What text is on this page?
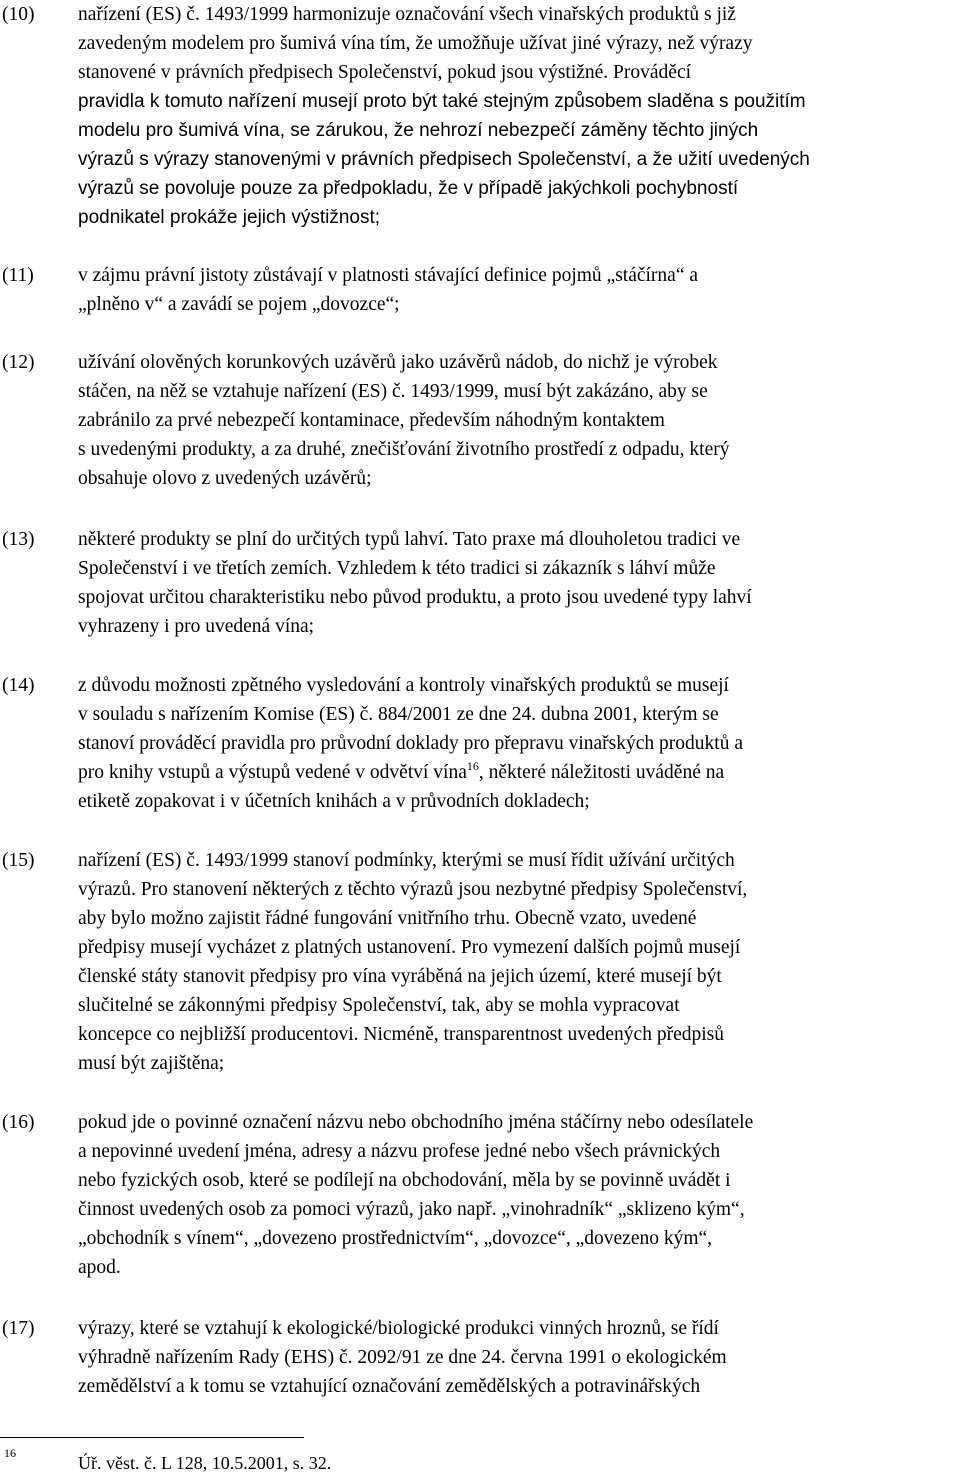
(10) nařízení (ES) č. 1493/1999 harmonizuje označování všech vinařských produktů s již
zavedeným modelem pro šumivá vína tím, že umožňuje užívat jiné výrazy, než výrazy
stanovené v právních předpisech Společenství, pokud jsou výstižné. Prováděcí
pravidla k tomuto nařízení musejí proto být také stejným způsobem sladěna s použitím
modelu pro šumivá vína, se zárukou, že nehrozí nebezpečí záměny těchto jiných
výrazů s výrazy stanovenými v právních předpisech Společenství, a že užití uvedených
výrazů se povoluje pouze za předpokladu, že v případě jakýchkoli pochybností
podnikatel prokáže jejich výstižnost;
(11) v zájmu právní jistoty zůstávají v platnosti stávající definice pojmů „stáčírna“ a
„plněno v“ a zavádí se pojem „dovozce“;
(12) užívání olověných korunkových uzávěrů jako uzávěrů nádob, do nichž je výrobek
stáčen, na něž se vztahuje nařízení (ES) č. 1493/1999, musí být zakázáno, aby se
zabránilo za prvé nebezpečí kontaminace, především náhodným kontaktem
s uvedenými produkty, a za druhé, znečišťování životního prostředí z odpadu, který
obsahuje olovo z uvedených uzávěrů;
(13) některé produkty se plní do určitých typů lahví. Tato praxe má dlouholetou tradici ve
Společenství i ve třetích zemích. Vzhledem k této tradici si zákazník s láhví může
spojovat určitou charakteristiku nebo původ produktu, a proto jsou uvedené typy lahví
vyhrazeny i pro uvedená vína;
(14) z důvodu možnosti zpětného vysledování a kontroly vinařských produktů se musejí
v souladu s nařízením Komise (ES) č. 884/2001 ze dne 24. dubna 2001, kterým se
stanoví prováděcí pravidla pro průvodní doklady pro přepravu vinařských produktů a
pro knihy vstupů a výstupů vedené v odvětví vína$^{16}$, některé náležitosti uváděné na
etiketě zopakovat i v účetních knihách a v průvodních dokladech;
(15) nařízení (ES) č. 1493/1999 stanoví podmínky, kterými se musí řídit užívání určitých
výrazů. Pro stanovení některých z těchto výrazů jsou nezbytné předpisy Společenství,
aby bylo možno zajistit řádné fungování vnitřního trhu. Obecně vzato, uvedené
předpisy musejí vycházet z platných ustanovení. Pro vymezení dalších pojmů musejí
členské státy stanovit předpisy pro vína vyráběná na jejich území, které musejí být
slučitelné se zákonnými předpisy Společenství, tak, aby se mohla vypracovat
koncepce co nejbližší producentovi. Nicméně, transparentnost uvedených předpisů
musí být zajištěna;
(16) pokud jde o povinné označení názvu nebo obchodního jména stáčírny nebo odesílatele
a nepovinné uvedení jména, adresy a názvu profese jedné nebo všech právnických
nebo fyzických osob, které se podílejí na obchodování, měla by se povinně uvádět i
činnost uvedených osob za pomoci výrazů, jako např. „vinohradník“ „sklizeno kým“,
„obchodník s vínem“, „dovezeno prostřednictvím“, „dovozce“, „dovezeno kým“,
apod.
(17) výrazy, které se vztahují k ekologické/biologické produkci vinných hroznů, se řídí
výhradně nařízením Rady (EHS) č. 2092/91 ze dne 24. června 1991 o ekologickém
zemědělství a k tomu se vztahující označování zemědělských a potravinářských
16	Úř. věst. č. L 128, 10.5.2001, s. 32.
